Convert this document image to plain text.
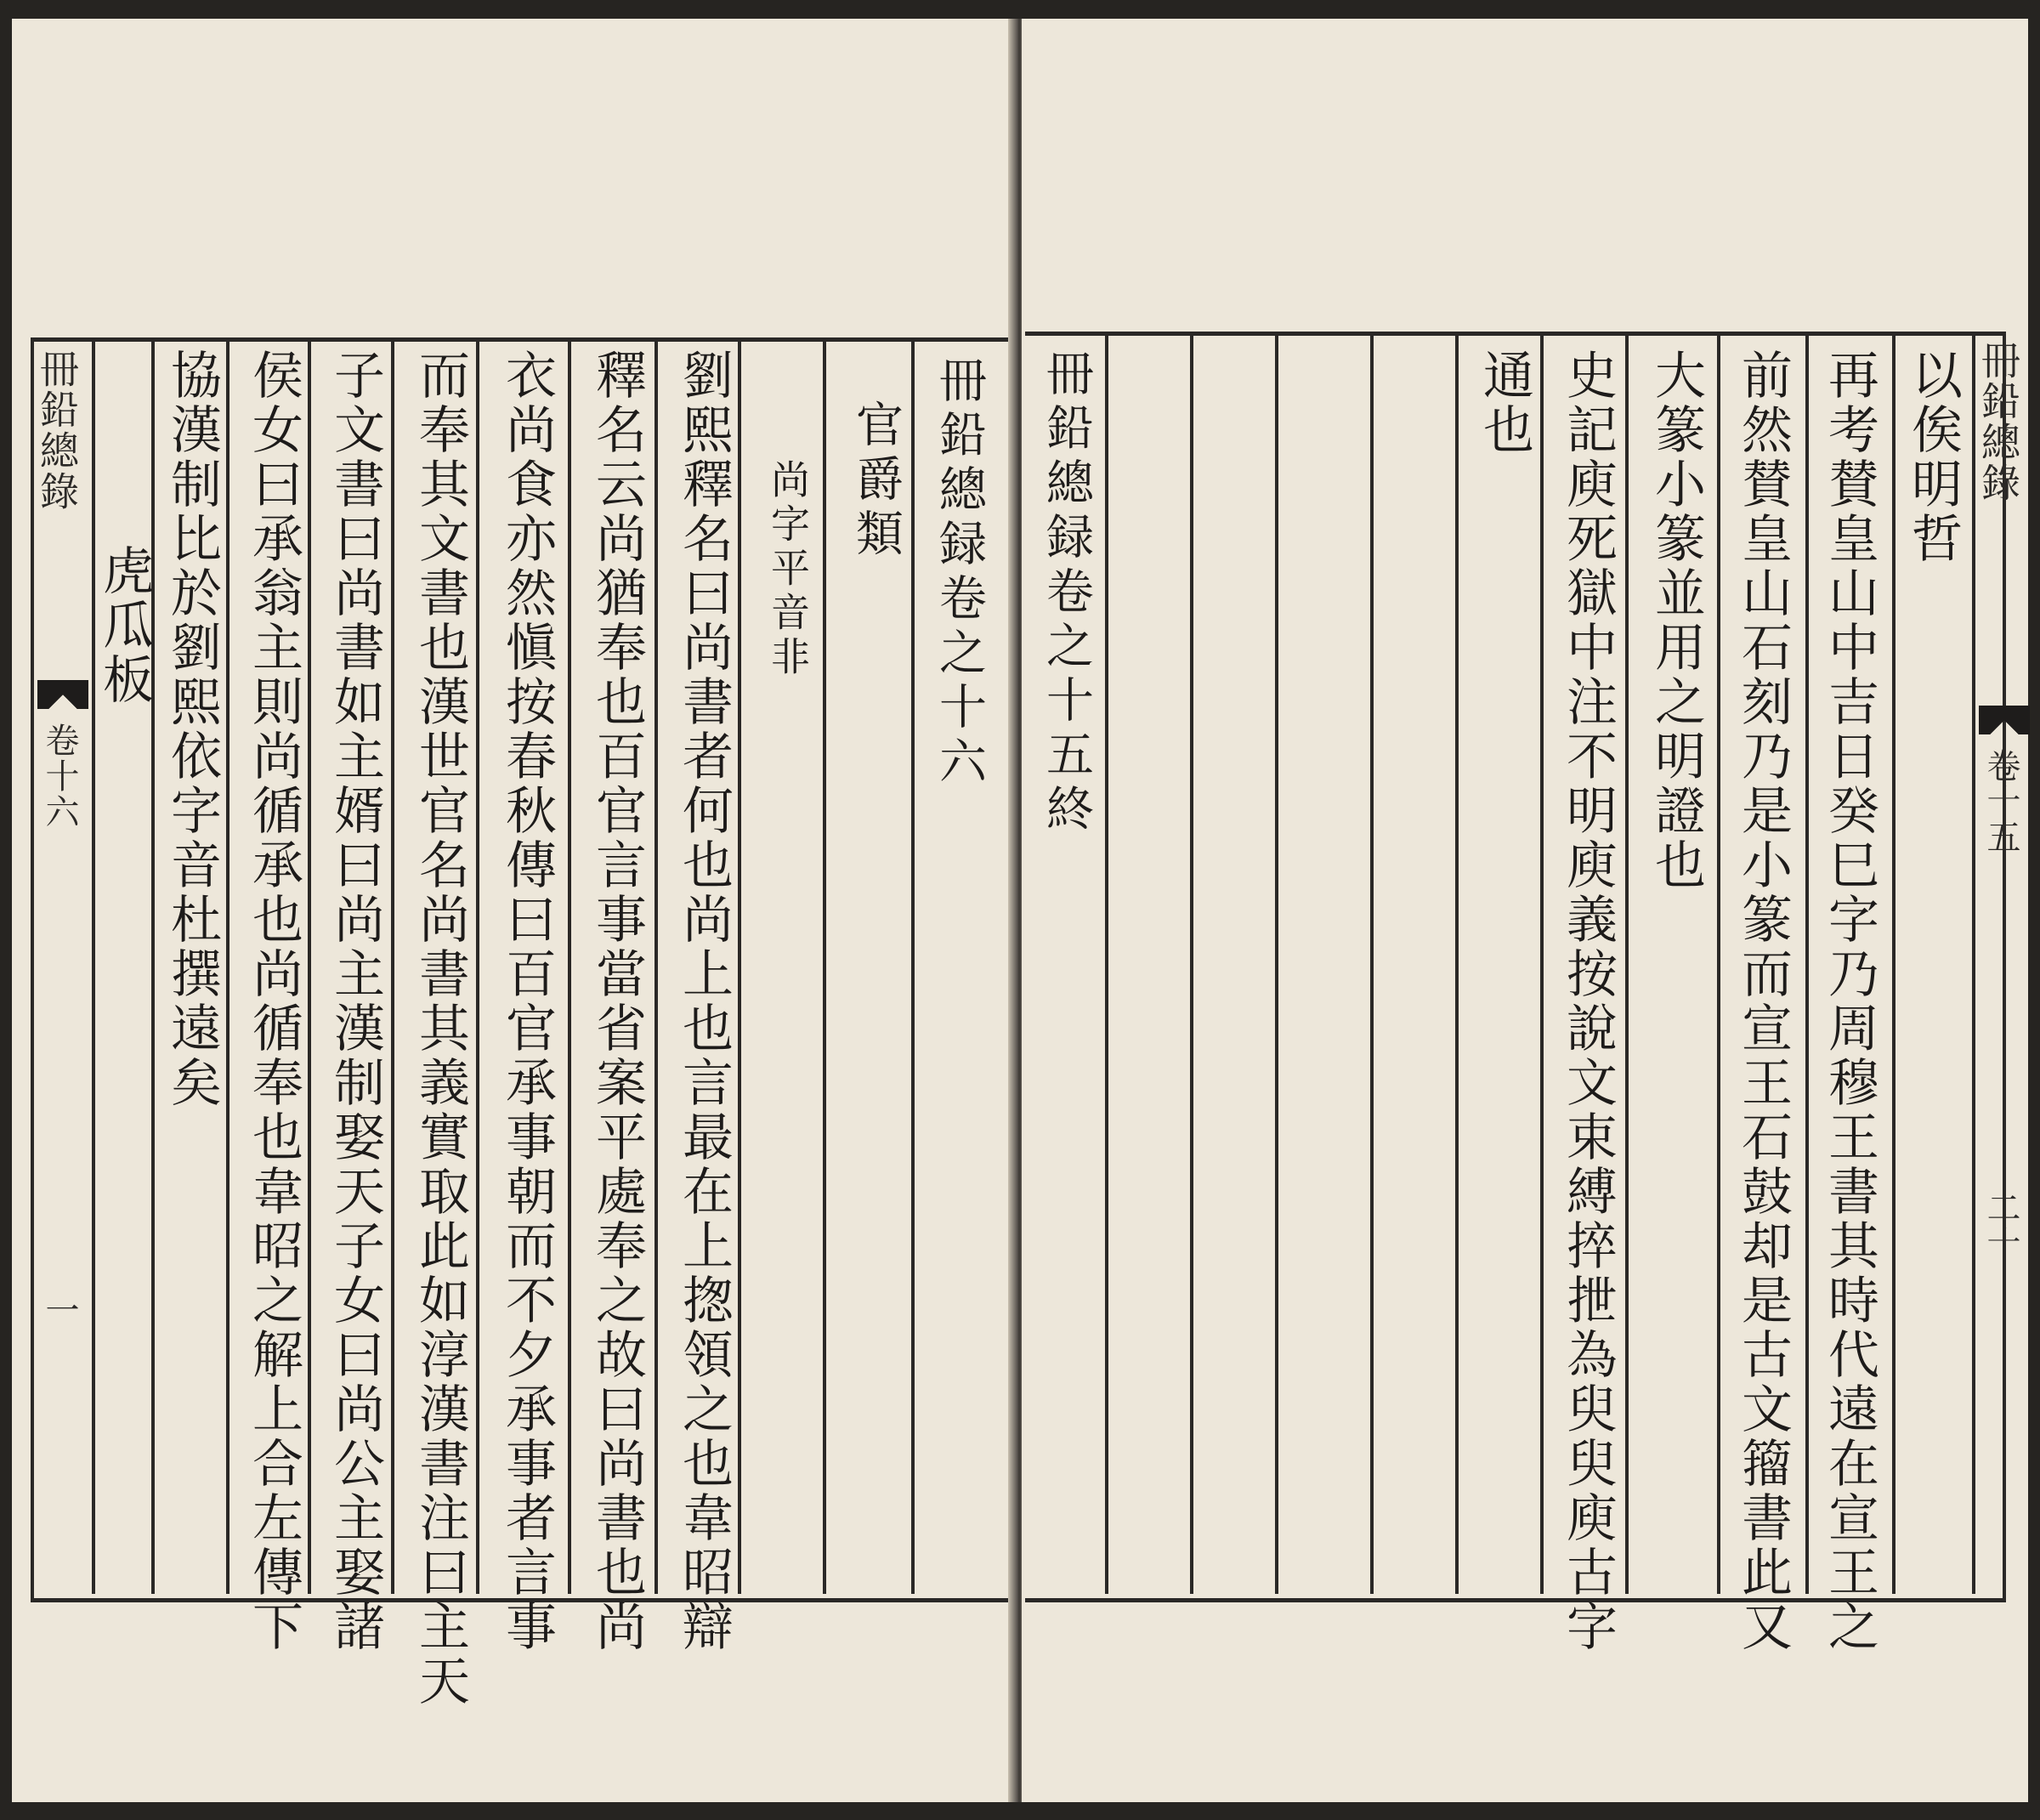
冊鉛總錄
卷十六
一
冊鉛總録卷之十六
官爵類
尚字平音非
劉熙釋名曰尚書者何也尚上也言最在上揔領之也韋昭辯
釋名云尚猶奉也百官言事當省案平處奉之故曰尚書也尚
衣尚食亦然愼按春秋傳曰百官承事朝而不夕承事者言事
而奉其文書也漢世官名尚書其義實取此如淳漢書注曰主天
子文書曰尚書如主婿曰尚主漢制娶天子女曰尚公主娶諸
侯女曰承翁主則尚循承也尚循奉也韋昭之解上合左傳下
協漢制比於劉熙依字音杜撰遠矣
虎瓜板
冊鉛總錄
卷十五
二十
以俟明哲
再考賛皇山中吉日癸巳字乃周穆王書其時代遠在宣王之
前然賛皇山石刻乃是小篆而宣王石鼓却是古文籀書此又
大篆小篆並用之明證也
史記庾死獄中注不明庾義按說文束縛捽抴為臾臾庾古字
通也
冊鉛總録卷之十五終
